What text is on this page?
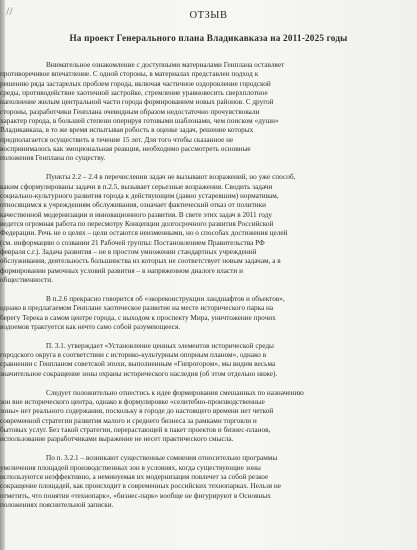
//	ОТЗЫВ
На проект Генерального плана Владикавказа на 2011-2025 годы
Внимательное ознакомление с доступными материалами Генплана оставляет
противоречивое впечатление. С одной стороны, в материалах представлен подход к
решению ряда застарелых проблем города, включая частичное оздоровление городской
среды, противодействие хаотичной застройке, стремление уравновесить сверхплотное
наполнение жилым центральной части города формированием новых районов. С другой
стороны, разработчики Генплана очевидным образом недостаточно прочувствовали
характер города, в большей степени оперируя готовыми шаблонами, чем поиском «души»
Владикавказа, в то же время испытывая робость в оценке задач, решение которых
предполагается осуществить в течение 15 лет. Для того чтобы сказанное не
воспринималось как эмоциональная реакция, необходимо рассмотреть основные
положения Генплана по существу.
Пункты 2.2 – 2.4 в перечислении задач не вызывают возражений, но уже способ,
каким сформулированы задачи в п.2.5, вызывает серьезные возражения. Сводить задачи
социально-культурного развития города к действующим (давно устаревшим) нормативам,
относящимся к учреждениям обслуживания, означает фактический отказ от политики
качественной модернизации и инновационного развития. В свете этих задач в 2011 году
ведется огромная работа по пересмотру Концепции долгосрочного развития Российской
Федерации. Речь не о целях – цели остаются неизменными, но о способах достижения целей
(см. информацию о созвании 21 Рабочей группы: Постановлением Правительства РФ
февраля с.г.). Задача развития – не в простом умножении стандартных учреждений
обслуживания, деятельность большинства из которых не соответствует новым задачам, а в
формировании рамочных условий развития – в напряженном диалоге власти и
общественности.
В п.2.6 прекрасно говорится об «экореконструкции ландшафтов и объектов»,
однако в предлагаемом Генплане хаотическое развитие на месте исторического парка на
берегу Терека в самом центре города, с выходом к проспекту Мира, уничтожение прочих
водоемов трактуется как нечто само собой разумеющееся.
П. 3.1. утверждает «Установление ценных элементов исторической среды
городского округа в соответствии с историко-культурным опорным планом», однако в
сравнении с Генпланом советской эпохи, выполненным «Гипрогором», мы видим весьма
значительное сокращение зоны охраны исторического наследия (об этом отдельно ниже).
Следует положительно отнестись к идее формирования смешанных по назначению
зон вне исторического центра, однако в формулировке «селитебно-производственные
зоны» нет реального содержания, поскольку в городе до настоящего времени нет четкой
современной стратегии развития малого и среднего бизнеса за рамками торговли и
бытовых услуг. Без такой стратегии, перерастающей в пакет проектов и бизнес-планов,
использование разработчиками выражение не несет практического смысла.
По п. 3.2.1 – возникают существенные сомнения относительно программы
увеличения площадей производственных зон в условиях, когда существующие зоны
используются неэффективно, а неминуемая их модернизация повлечет за собой резкое
сокращение площадей, как происходит в современных российских технопарках. Нельзя не
отметить, что понятия «технопарк», «бизнес-парк» вообще не фигурируют в Основных
положениях пояснительной записки.
